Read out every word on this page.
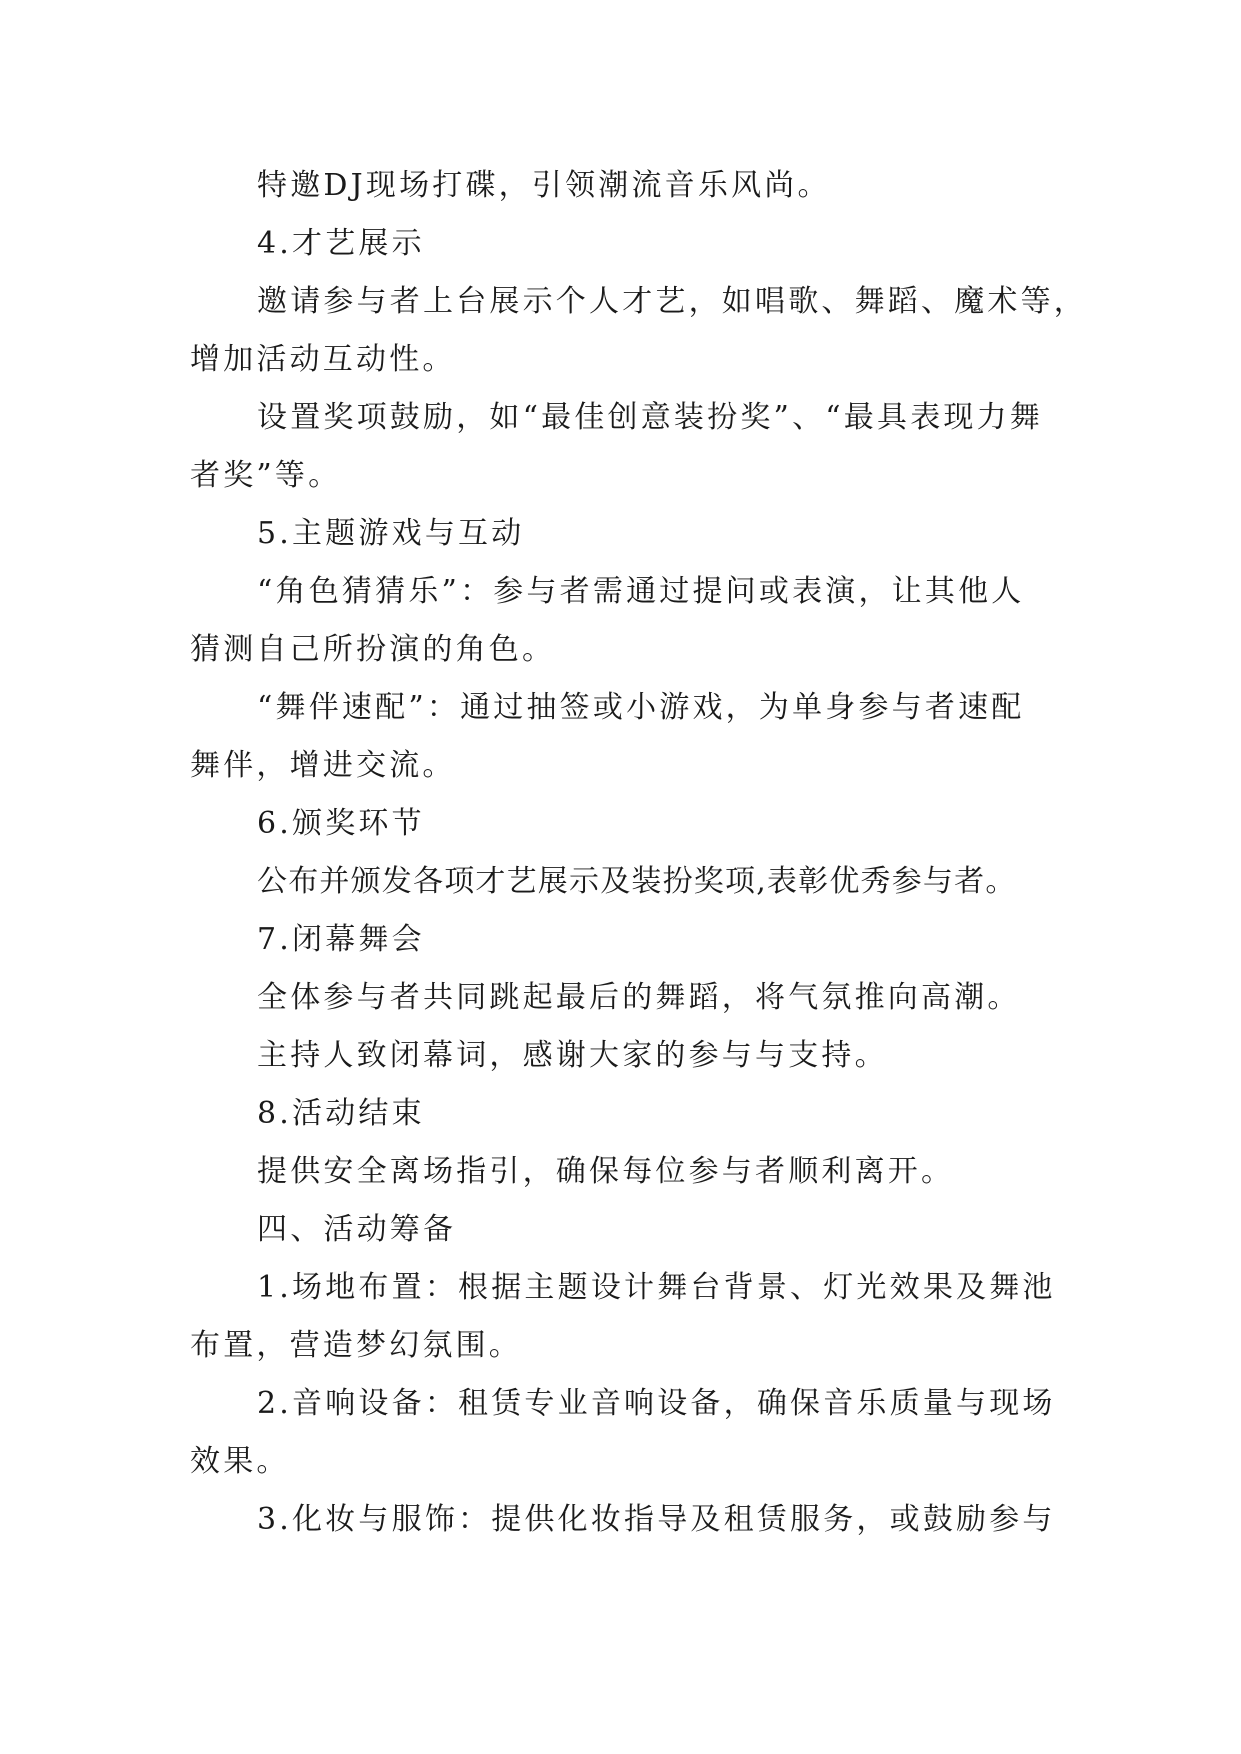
特邀DJ现场打碟，引领潮流音乐风尚。
4.才艺展示
邀请参与者上台展示个人才艺，如唱歌、舞蹈、魔术等，
增加活动互动性。
设置奖项鼓励，如“最佳创意装扮奖”、“最具表现力舞
者奖”等。
5.主题游戏与互动
“角色猜猜乐”：参与者需通过提问或表演，让其他人
猜测自己所扮演的角色。
“舞伴速配”：通过抽签或小游戏，为单身参与者速配
舞伴，增进交流。
6.颁奖环节
公布并颁发各项才艺展示及装扮奖项,表彰优秀参与者。
7.闭幕舞会
全体参与者共同跳起最后的舞蹈，将气氛推向高潮。
主持人致闭幕词，感谢大家的参与与支持。
8.活动结束
提供安全离场指引，确保每位参与者顺利离开。
四、活动筹备
1.场地布置：根据主题设计舞台背景、灯光效果及舞池
布置，营造梦幻氛围。
2.音响设备：租赁专业音响设备，确保音乐质量与现场
效果。
3.化妆与服饰：提供化妆指导及租赁服务，或鼓励参与
